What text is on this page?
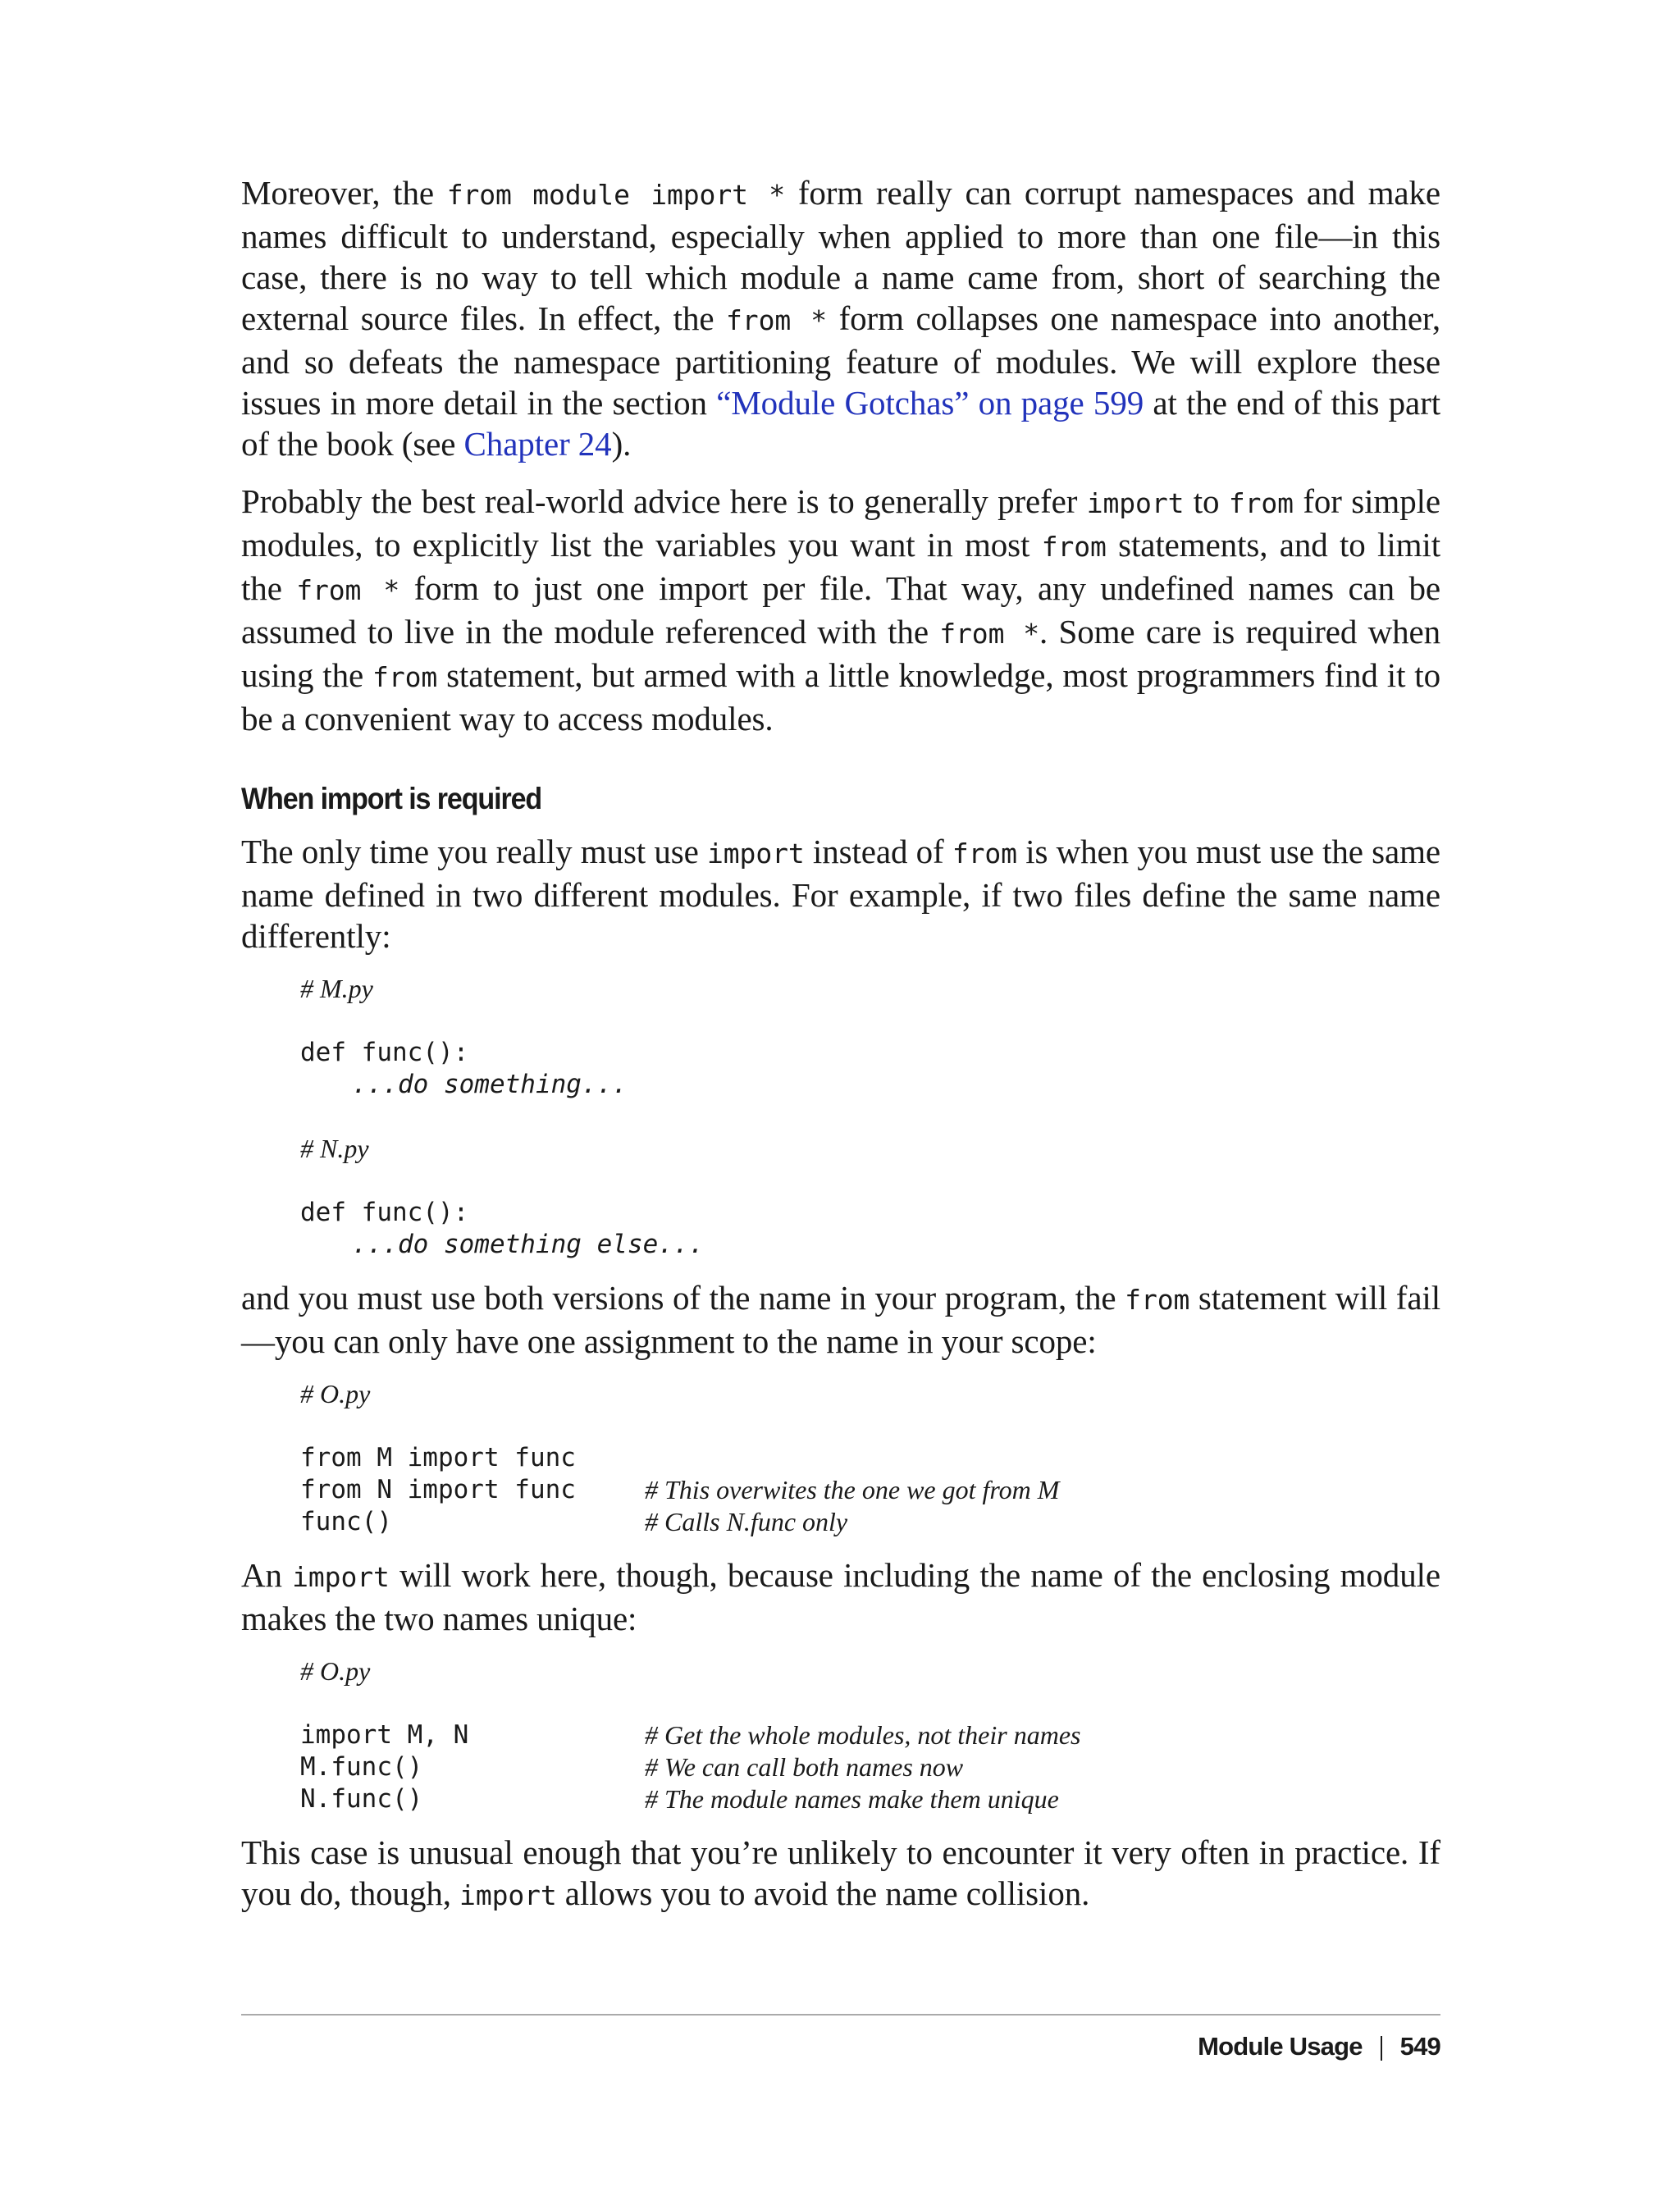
Moreover, the from module import * form really can corrupt namespaces and make names difficult to understand, especially when applied to more than one file—in this case, there is no way to tell which module a name came from, short of searching the external source files. In effect, the from * form collapses one namespace into another, and so defeats the namespace partitioning feature of modules. We will explore these issues in more detail in the section “Module Gotchas” on page 599 at the end of this part of the book (see Chapter 24).

Probably the best real-world advice here is to generally prefer import to from for simple modules, to explicitly list the variables you want in most from statements, and to limit the from * form to just one import per file. That way, any undefined names can be assumed to live in the module referenced with the from *. Some care is required when using the from statement, but armed with a little knowledge, most programmers find it to be a convenient way to access modules.

When import is required

The only time you really must use import instead of from is when you must use the same name defined in two different modules. For example, if two files define the same name differently:

# M.py
def func():
...do something...
# N.py
def func():
...do something else...

and you must use both versions of the name in your program, the from statement will fail—you can only have one assignment to the name in your scope:

# O.py
from M import func
from N import func	# This overwites the one we got from M
func()	# Calls N.func only

An import will work here, though, because including the name of the enclosing module makes the two names unique:

# O.py
import M, N	# Get the whole modules, not their names
M.func()	# We can call both names now
N.func()	# The module names make them unique

This case is unusual enough that you’re unlikely to encounter it very often in practice. If you do, though, import allows you to avoid the name collision.

Module Usage 549
